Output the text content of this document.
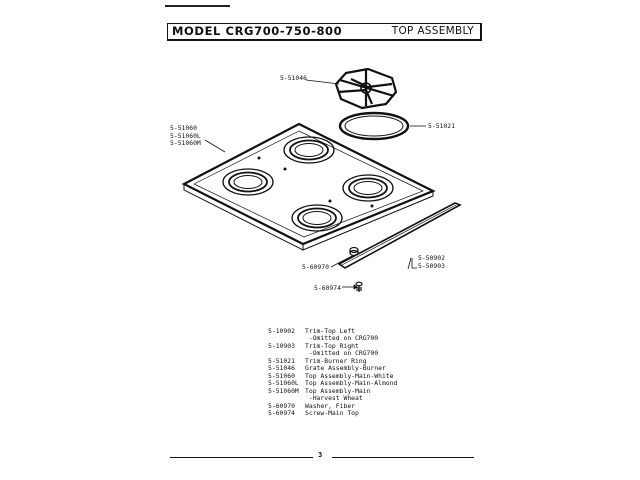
MODEL CRG700-750-800	TOP ASSEMBLY
5-51046
5-51021
5-51060
5-51060L
5-51060M
5-50902
5-50903
5-60970
5-60974
5-10902	Trim-Top Left
-Omitted on CRG700
5-10903	Trim-Top Right
-Omitted on CRG700
5-51021	Trim-Burner Ring
5-51046	Grate Assembly-Burner
5-51060	Top Assembly-Main-White
5-51060L Top Assembly-Main-Almond
5-51060M Top Assembly-Main
-Harvest Wheat
5-60970	Washer, Fiber
5-60974	Screw-Main Top
3
